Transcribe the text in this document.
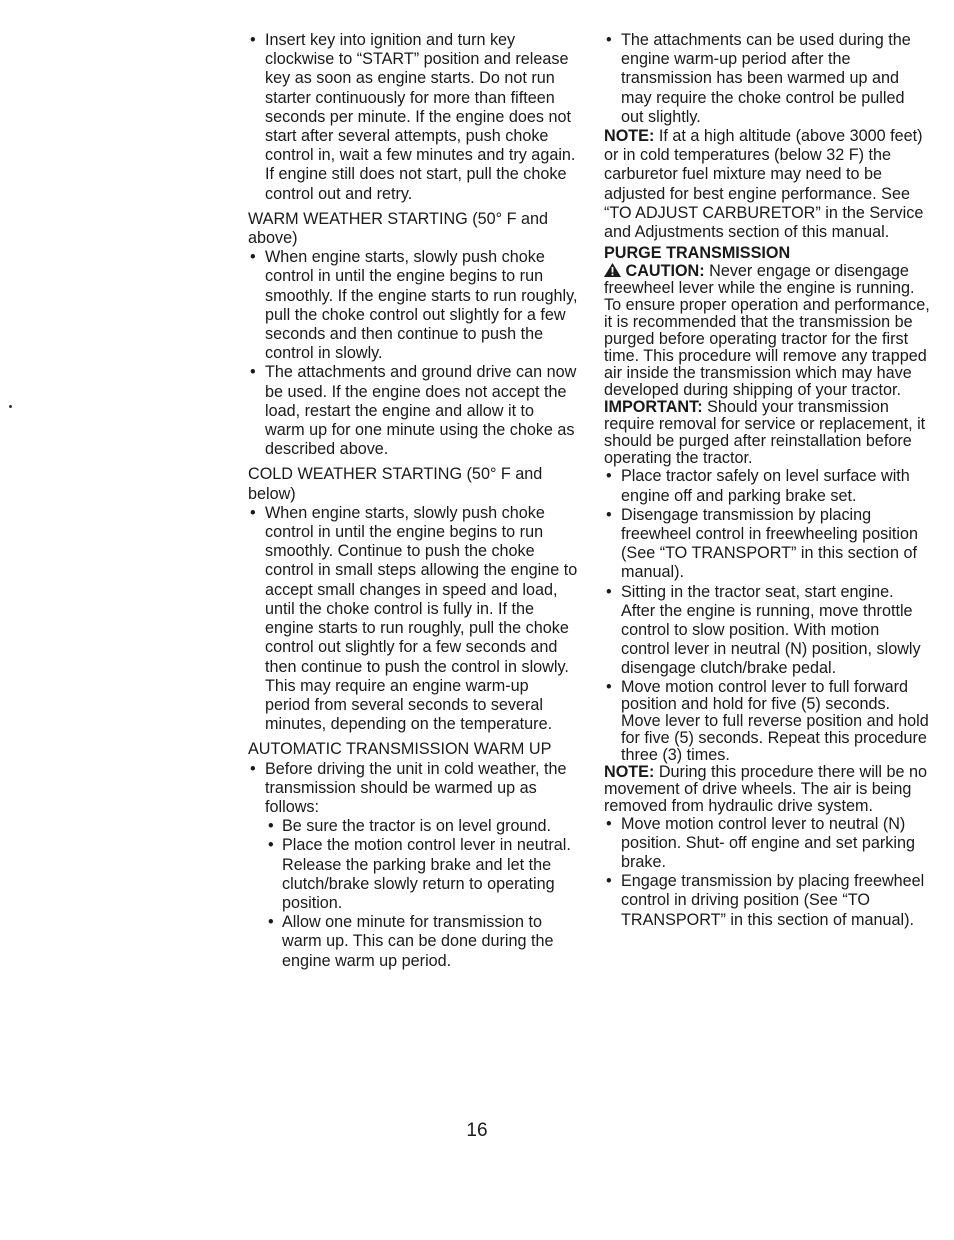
• Insert key into ignition and turn key clockwise to “START” position and release key as soon as engine starts. Do not run starter continuously for more than fifteen seconds per minute. If the engine does not start after several attempts, push choke control in, wait a few minutes and try again. If engine still does not start, pull the choke control out and retry.

WARM WEATHER STARTING (50° F and above)

• When engine starts, slowly push choke control in until the engine begins to run smoothly. If the engine starts to run roughly, pull the choke control out slightly for a few seconds and then continue to push the control in slowly.

• The attachments and ground drive can now be used. If the engine does not accept the load, restart the engine and allow it to warm up for one minute using the choke as described above.

COLD WEATHER STARTING (50° F and below)

• When engine starts, slowly push choke control in until the engine begins to run smoothly. Continue to push the choke control in small steps allowing the engine to accept small changes in speed and load, until the choke control is fully in. If the engine starts to run roughly, pull the choke control out slightly for a few seconds and then continue to push the control in slowly. This may require an engine warm-up period from several seconds to several minutes, depending on the temperature.

AUTOMATIC TRANSMISSION WARM UP

• Before driving the unit in cold weather, the transmission should be warmed up as follows:

• Be sure the tractor is on level ground.

• Place the motion control lever in neutral. Release the parking brake and let the clutch/brake slowly return to operating position.

• Allow one minute for transmission to warm up. This can be done during the engine warm up period.

• The attachments can be used during the engine warm-up period after the transmission has been warmed up and may require the choke control be pulled out slightly.

NOTE: If at a high altitude (above 3000 feet) or in cold temperatures (below 32 F) the carburetor fuel mixture may need to be adjusted for best engine performance. See “TO ADJUST CARBURETOR” in the Service and Adjustments section of this manual.

PURGE TRANSMISSION

CAUTION: Never engage or disengage freewheel lever while the engine is running.

To ensure proper operation and performance, it is recommended that the transmission be purged before operating tractor for the first time. This procedure will remove any trapped air inside the transmission which may have developed during shipping of your tractor.

IMPORTANT: Should your transmission require removal for service or replacement, it should be purged after reinstallation before operating the tractor.

• Place tractor safely on level surface with engine off and parking brake set.

• Disengage transmission by placing freewheel control in freewheeling position (See “TO TRANSPORT” in this section of manual).

• Sitting in the tractor seat, start engine. After the engine is running, move throttle control to slow position. With motion control lever in neutral (N) position, slowly disengage clutch/brake pedal.

• Move motion control lever to full forward position and hold for five (5) seconds. Move lever to full reverse position and hold for five (5) seconds. Repeat this procedure three (3) times.

NOTE: During this procedure there will be no movement of drive wheels. The air is being removed from hydraulic drive system.

• Move motion control lever to neutral (N) position. Shut- off engine and set parking brake.

• Engage transmission by placing freewheel control in driving position (See “TO TRANSPORT” in this section of manual).

16
